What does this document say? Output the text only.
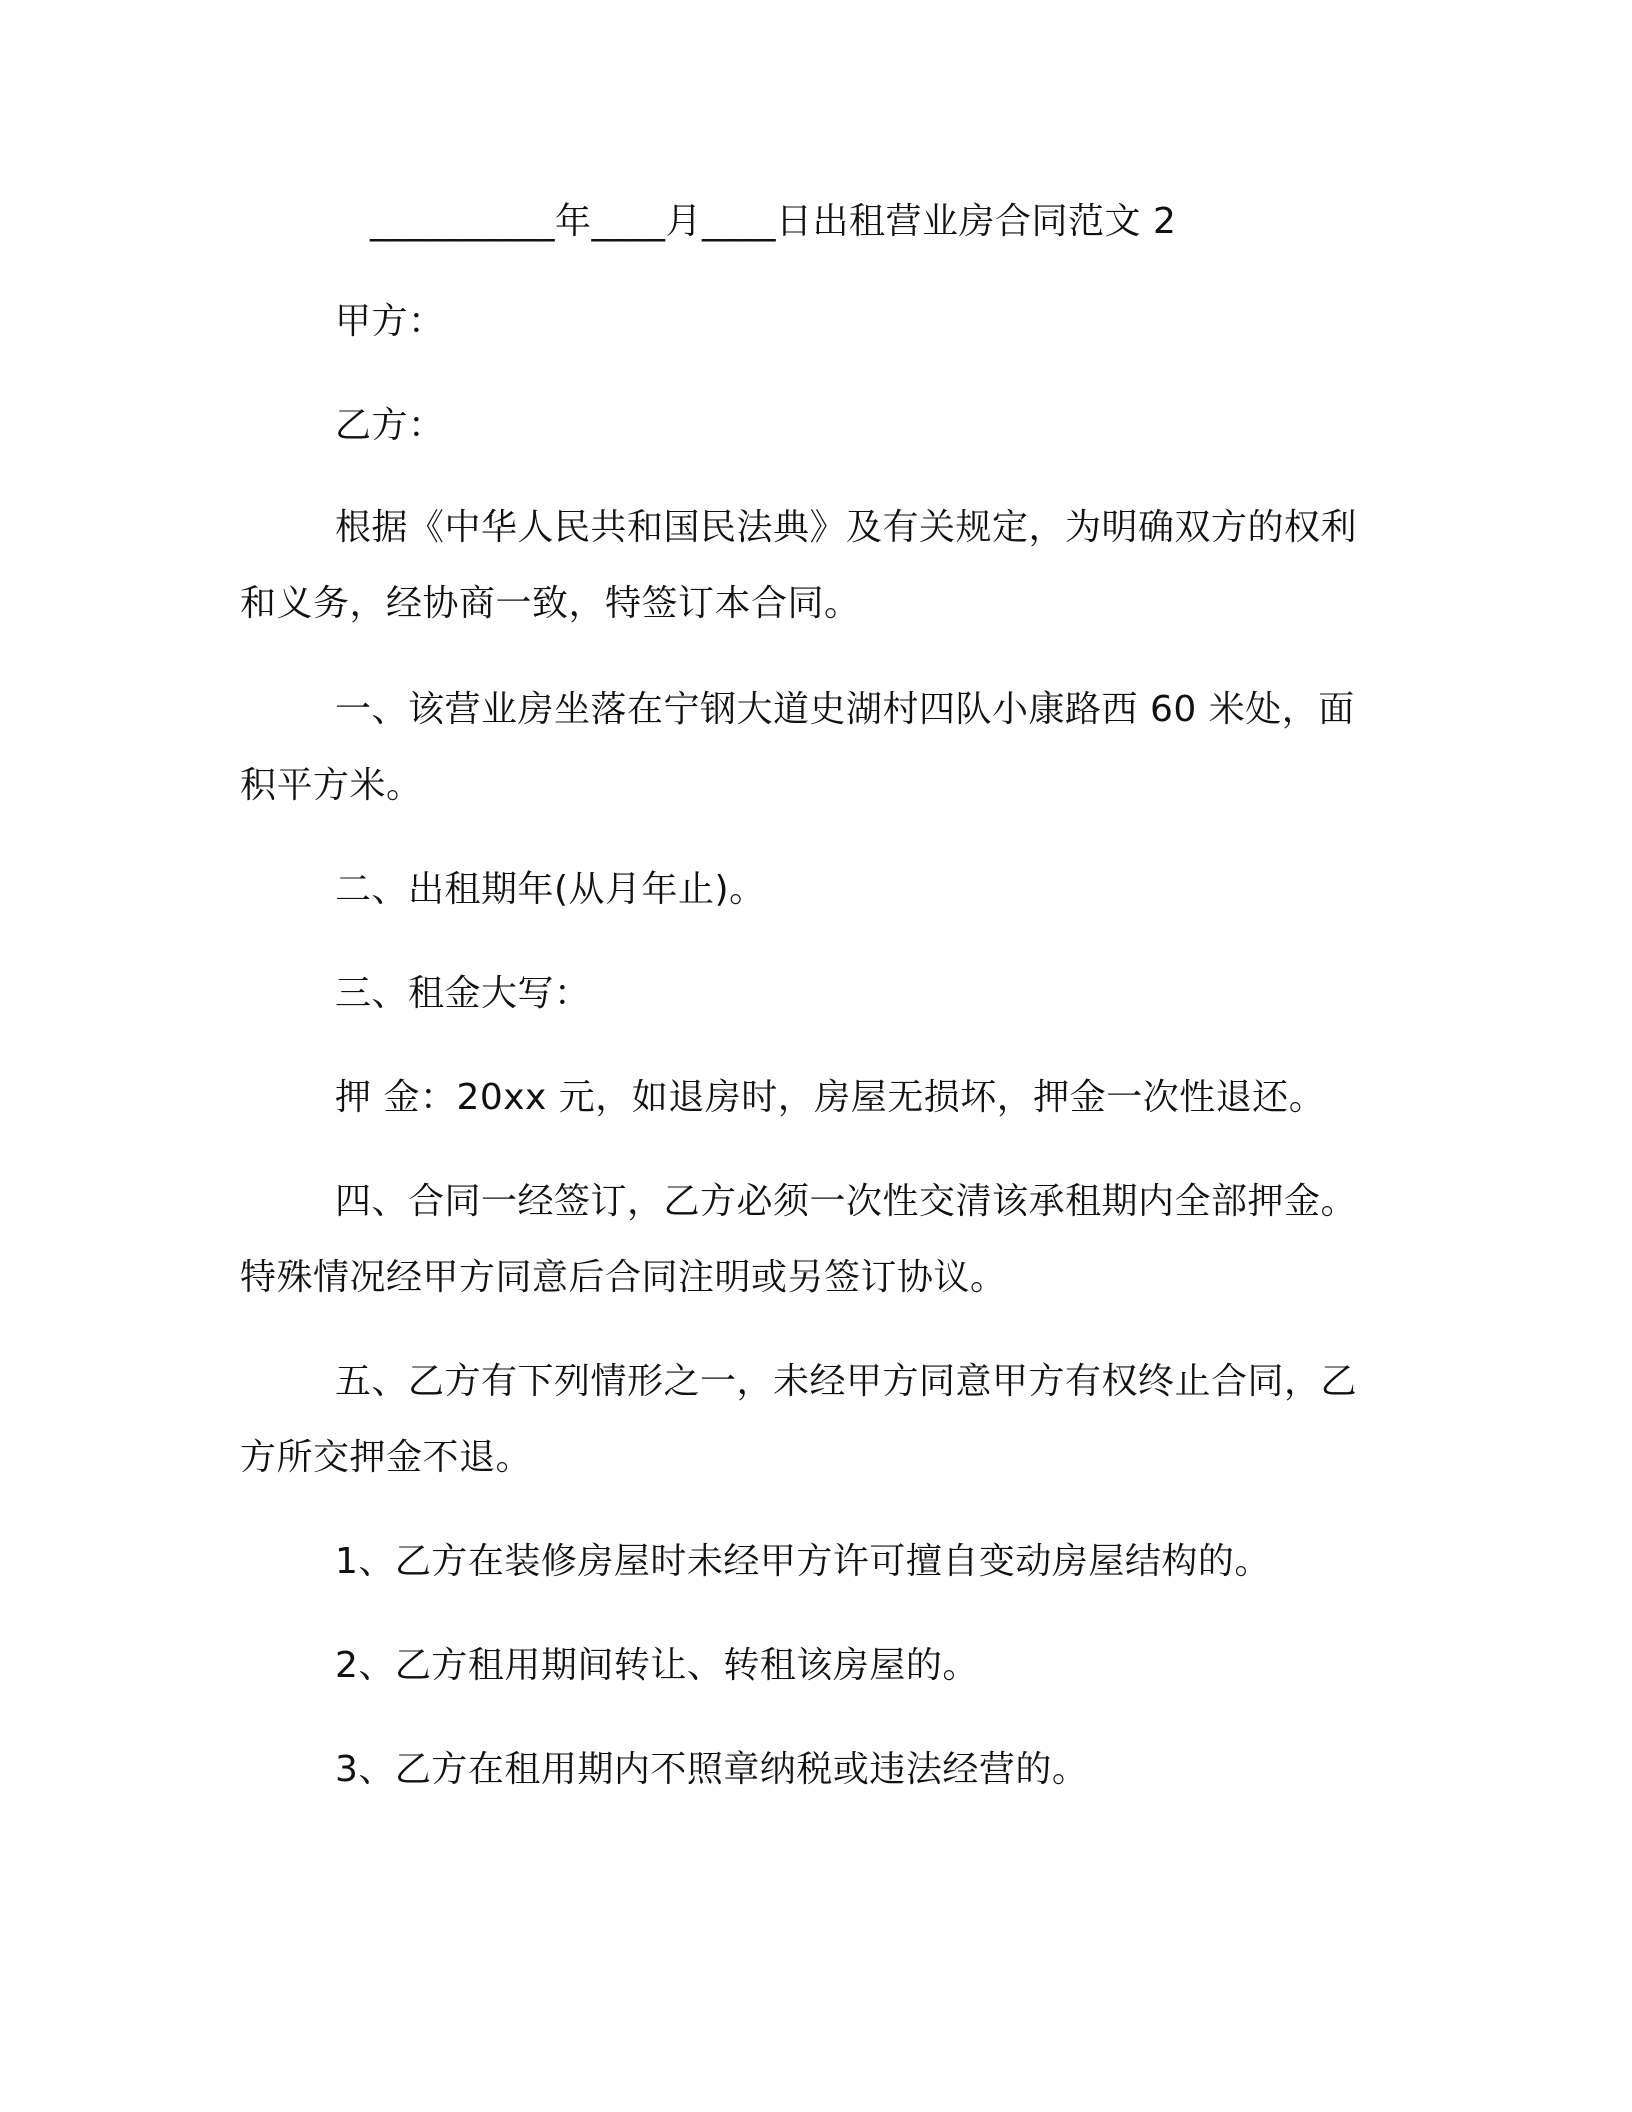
__________年____月____日出租营业房合同范文 2

甲方：

乙方：

根据《中华人民共和国民法典》及有关规定，为明确双方的权利

和义务，经协商一致，特签订本合同。

一、该营业房坐落在宁钢大道史湖村四队小康路西 60 米处，面

积平方米。

二、出租期年(从月年止)。

三、租金大写：

押 金：20xx 元，如退房时，房屋无损坏，押金一次性退还。

四、合同一经签订，乙方必须一次性交清该承租期内全部押金。

特殊情况经甲方同意后合同注明或另签订协议。

五、乙方有下列情形之一，未经甲方同意甲方有权终止合同，乙

方所交押金不退。

1、乙方在装修房屋时未经甲方许可擅自变动房屋结构的。

2、乙方租用期间转让、转租该房屋的。

3、乙方在租用期内不照章纳税或违法经营的。
